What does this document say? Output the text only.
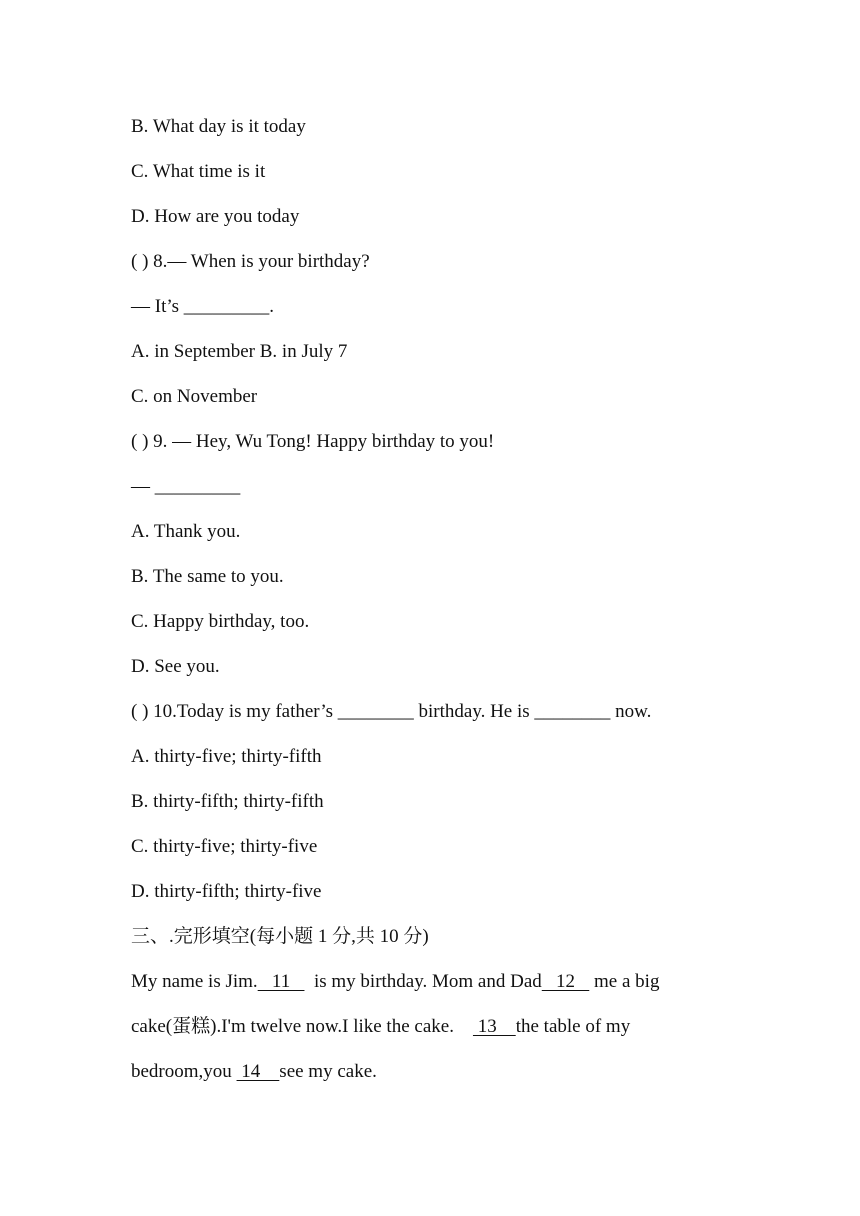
B. What day is it today
C. What time is it
D. How are you today
( ) 8.— When is your birthday?
— It’s _________.
A. in September B. in July 7
C. on November
( ) 9. — Hey, Wu Tong! Happy birthday to you!
— _________
A. Thank you.
B. The same to you.
C. Happy birthday, too.
D. See you.
( ) 10.Today is my father’s ________ birthday. He is ________ now.
A. thirty-five; thirty-fifth
B. thirty-fifth; thirty-fifth
C. thirty-five; thirty-five
D. thirty-fifth; thirty-five
三、.完形填空(每小题 1 分,共 10 分)
My name is Jim.   11     is my birthday. Mom and Dad   12    me a big
cake(蛋糕).I'm twelve now.I like the cake.     13    the table of my
bedroom,you  14    see my cake.
